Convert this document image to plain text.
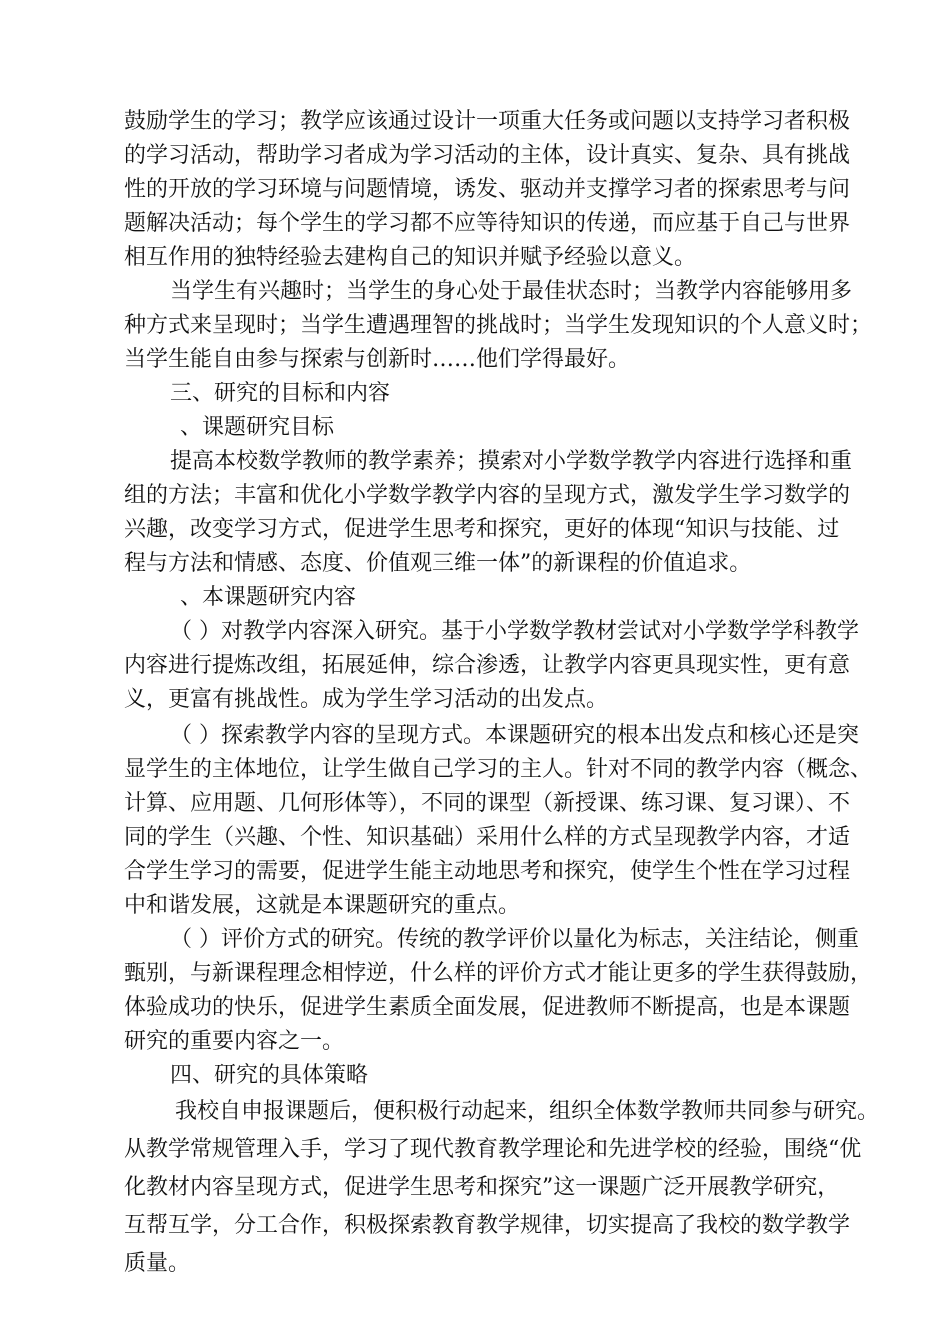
鼓励学生的学习；教学应该通过设计一项重大任务或问题以支持学习者积极
的学习活动，帮助学习者成为学习活动的主体，设计真实、复杂、具有挑战
性的开放的学习环境与问题情境，诱发、驱动并支撑学习者的探索思考与问
题解决活动；每个学生的学习都不应等待知识的传递，而应基于自己与世界
相互作用的独特经验去建构自己的知识并赋予经验以意义。
当学生有兴趣时；当学生的身心处于最佳状态时；当教学内容能够用多
种方式来呈现时；当学生遭遇理智的挑战时；当学生发现知识的个人意义时；
当学生能自由参与探索与创新时……他们学得最好。
三、研究的目标和内容
、课题研究目标
提高本校数学教师的教学素养；摸索对小学数学教学内容进行选择和重
组的方法；丰富和优化小学数学教学内容的呈现方式，激发学生学习数学的
兴趣，改变学习方式，促进学生思考和探究，更好的体现“知识与技能、过
程与方法和情感、态度、价值观三维一体”的新课程的价值追求。
、本课题研究内容
（ ）对教学内容深入研究。基于小学数学教材尝试对小学数学学科教学
内容进行提炼改组，拓展延伸，综合渗透，让教学内容更具现实性，更有意
义，更富有挑战性。成为学生学习活动的出发点。
（ ）探索教学内容的呈现方式。本课题研究的根本出发点和核心还是突
显学生的主体地位，让学生做自己学习的主人。针对不同的教学内容（概念、
计算、应用题、几何形体等），不同的课型（新授课、练习课、复习课）、不
同的学生（兴趣、个性、知识基础）采用什么样的方式呈现教学内容，才适
合学生学习的需要，促进学生能主动地思考和探究，使学生个性在学习过程
中和谐发展，这就是本课题研究的重点。
（ ）评价方式的研究。传统的教学评价以量化为标志，关注结论，侧重
甄别，与新课程理念相悖逆，什么样的评价方式才能让更多的学生获得鼓励，
体验成功的快乐，促进学生素质全面发展，促进教师不断提高，也是本课题
研究的重要内容之一。
四、研究的具体策略
我校自申报课题后，便积极行动起来，组织全体数学教师共同参与研究。
从教学常规管理入手，学习了现代教育教学理论和先进学校的经验，围绕“优
化教材内容呈现方式，促进学生思考和探究”这一课题广泛开展教学研究，
互帮互学，分工合作，积极探索教育教学规律，切实提高了我校的数学教学
质量。
